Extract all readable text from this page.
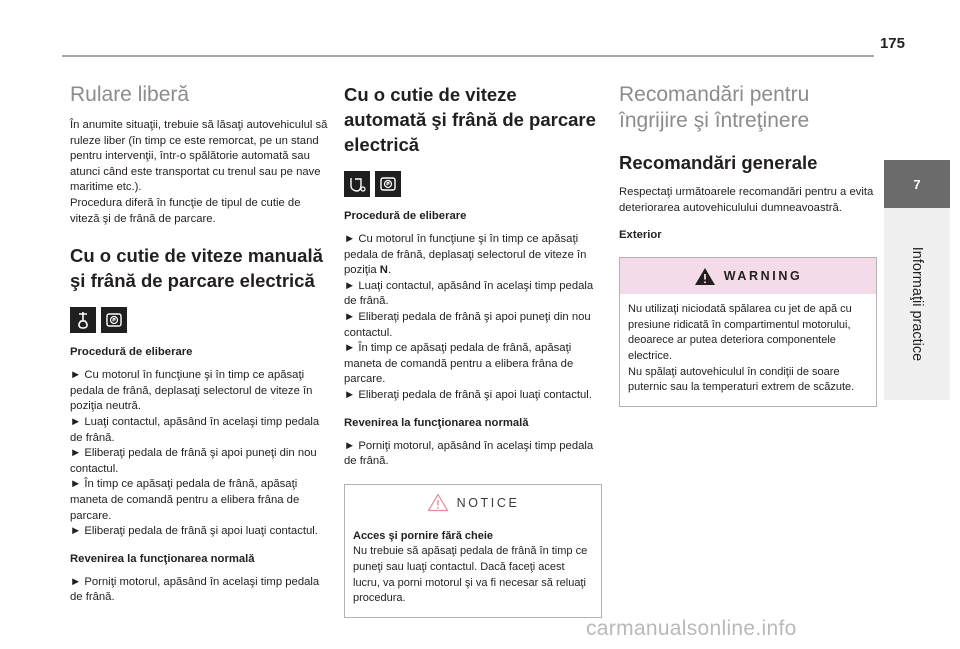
175
Rulare liberă

În anumite situaţii, trebuie să lăsaţi autovehiculul să ruleze liber (în timp ce este remorcat, pe un stand pentru intervenţii, într-o spălătorie automată sau atunci când este transportat cu trenul sau pe nave maritime etc.).

Procedura diferă în funcţie de tipul de cutie de viteză şi de frână de parcare.

Cu o cutie de viteze manuală şi frână de parcare electrică
Procedură de eliberare
► Cu motorul în funcţiune şi în timp ce apăsaţi pedala de frână, deplasaţi selectorul de viteze în poziţia neutră.
► Luaţi contactul, apăsând în acelaşi timp pedala de frână.
► Eliberaţi pedala de frână şi apoi puneţi din nou contactul.
► În timp ce apăsaţi pedala de frână, apăsaţi maneta de comandă pentru a elibera frâna de parcare.
► Eliberaţi pedala de frână şi apoi luaţi contactul.
Revenirea la funcţionarea normală
► Porniţi motorul, apăsând în acelaşi timp pedala de frână.
Cu o cutie de viteze automată şi frână de parcare electrică
Procedură de eliberare
► Cu motorul în funcţiune şi în timp ce apăsaţi pedala de frână, deplasaţi selectorul de viteze în poziţia N.
► Luaţi contactul, apăsând în acelaşi timp pedala de frână.
► Eliberaţi pedala de frână şi apoi puneţi din nou contactul.
► În timp ce apăsaţi pedala de frână, apăsaţi maneta de comandă pentru a elibera frâna de parcare.
► Eliberaţi pedala de frână şi apoi luaţi contactul.
Revenirea la funcţionarea normală
► Porniţi motorul, apăsând în acelaşi timp pedala de frână.
NOTICE
Acces şi pornire fără cheie
Nu trebuie să apăsaţi pedala de frână în timp ce puneţi sau luaţi contactul. Dacă faceţi acest lucru, va porni motorul şi va fi necesar să reluaţi procedura.
Recomandări pentru îngrijire şi întreţinere
Recomandări generale

Respectaţi următoarele recomandări pentru a evita deteriorarea autovehiculului dumneavoastră.

Exterior
WARNING
Nu utilizaţi niciodată spălarea cu jet de apă cu presiune ridicată în compartimentul motorului, deoarece ar putea deteriora componentele electrice.
Nu spălaţi autovehiculul în condiţii de soare puternic sau la temperaturi extrem de scăzute.
7
Informaţii practice
carmanualsonline.info
